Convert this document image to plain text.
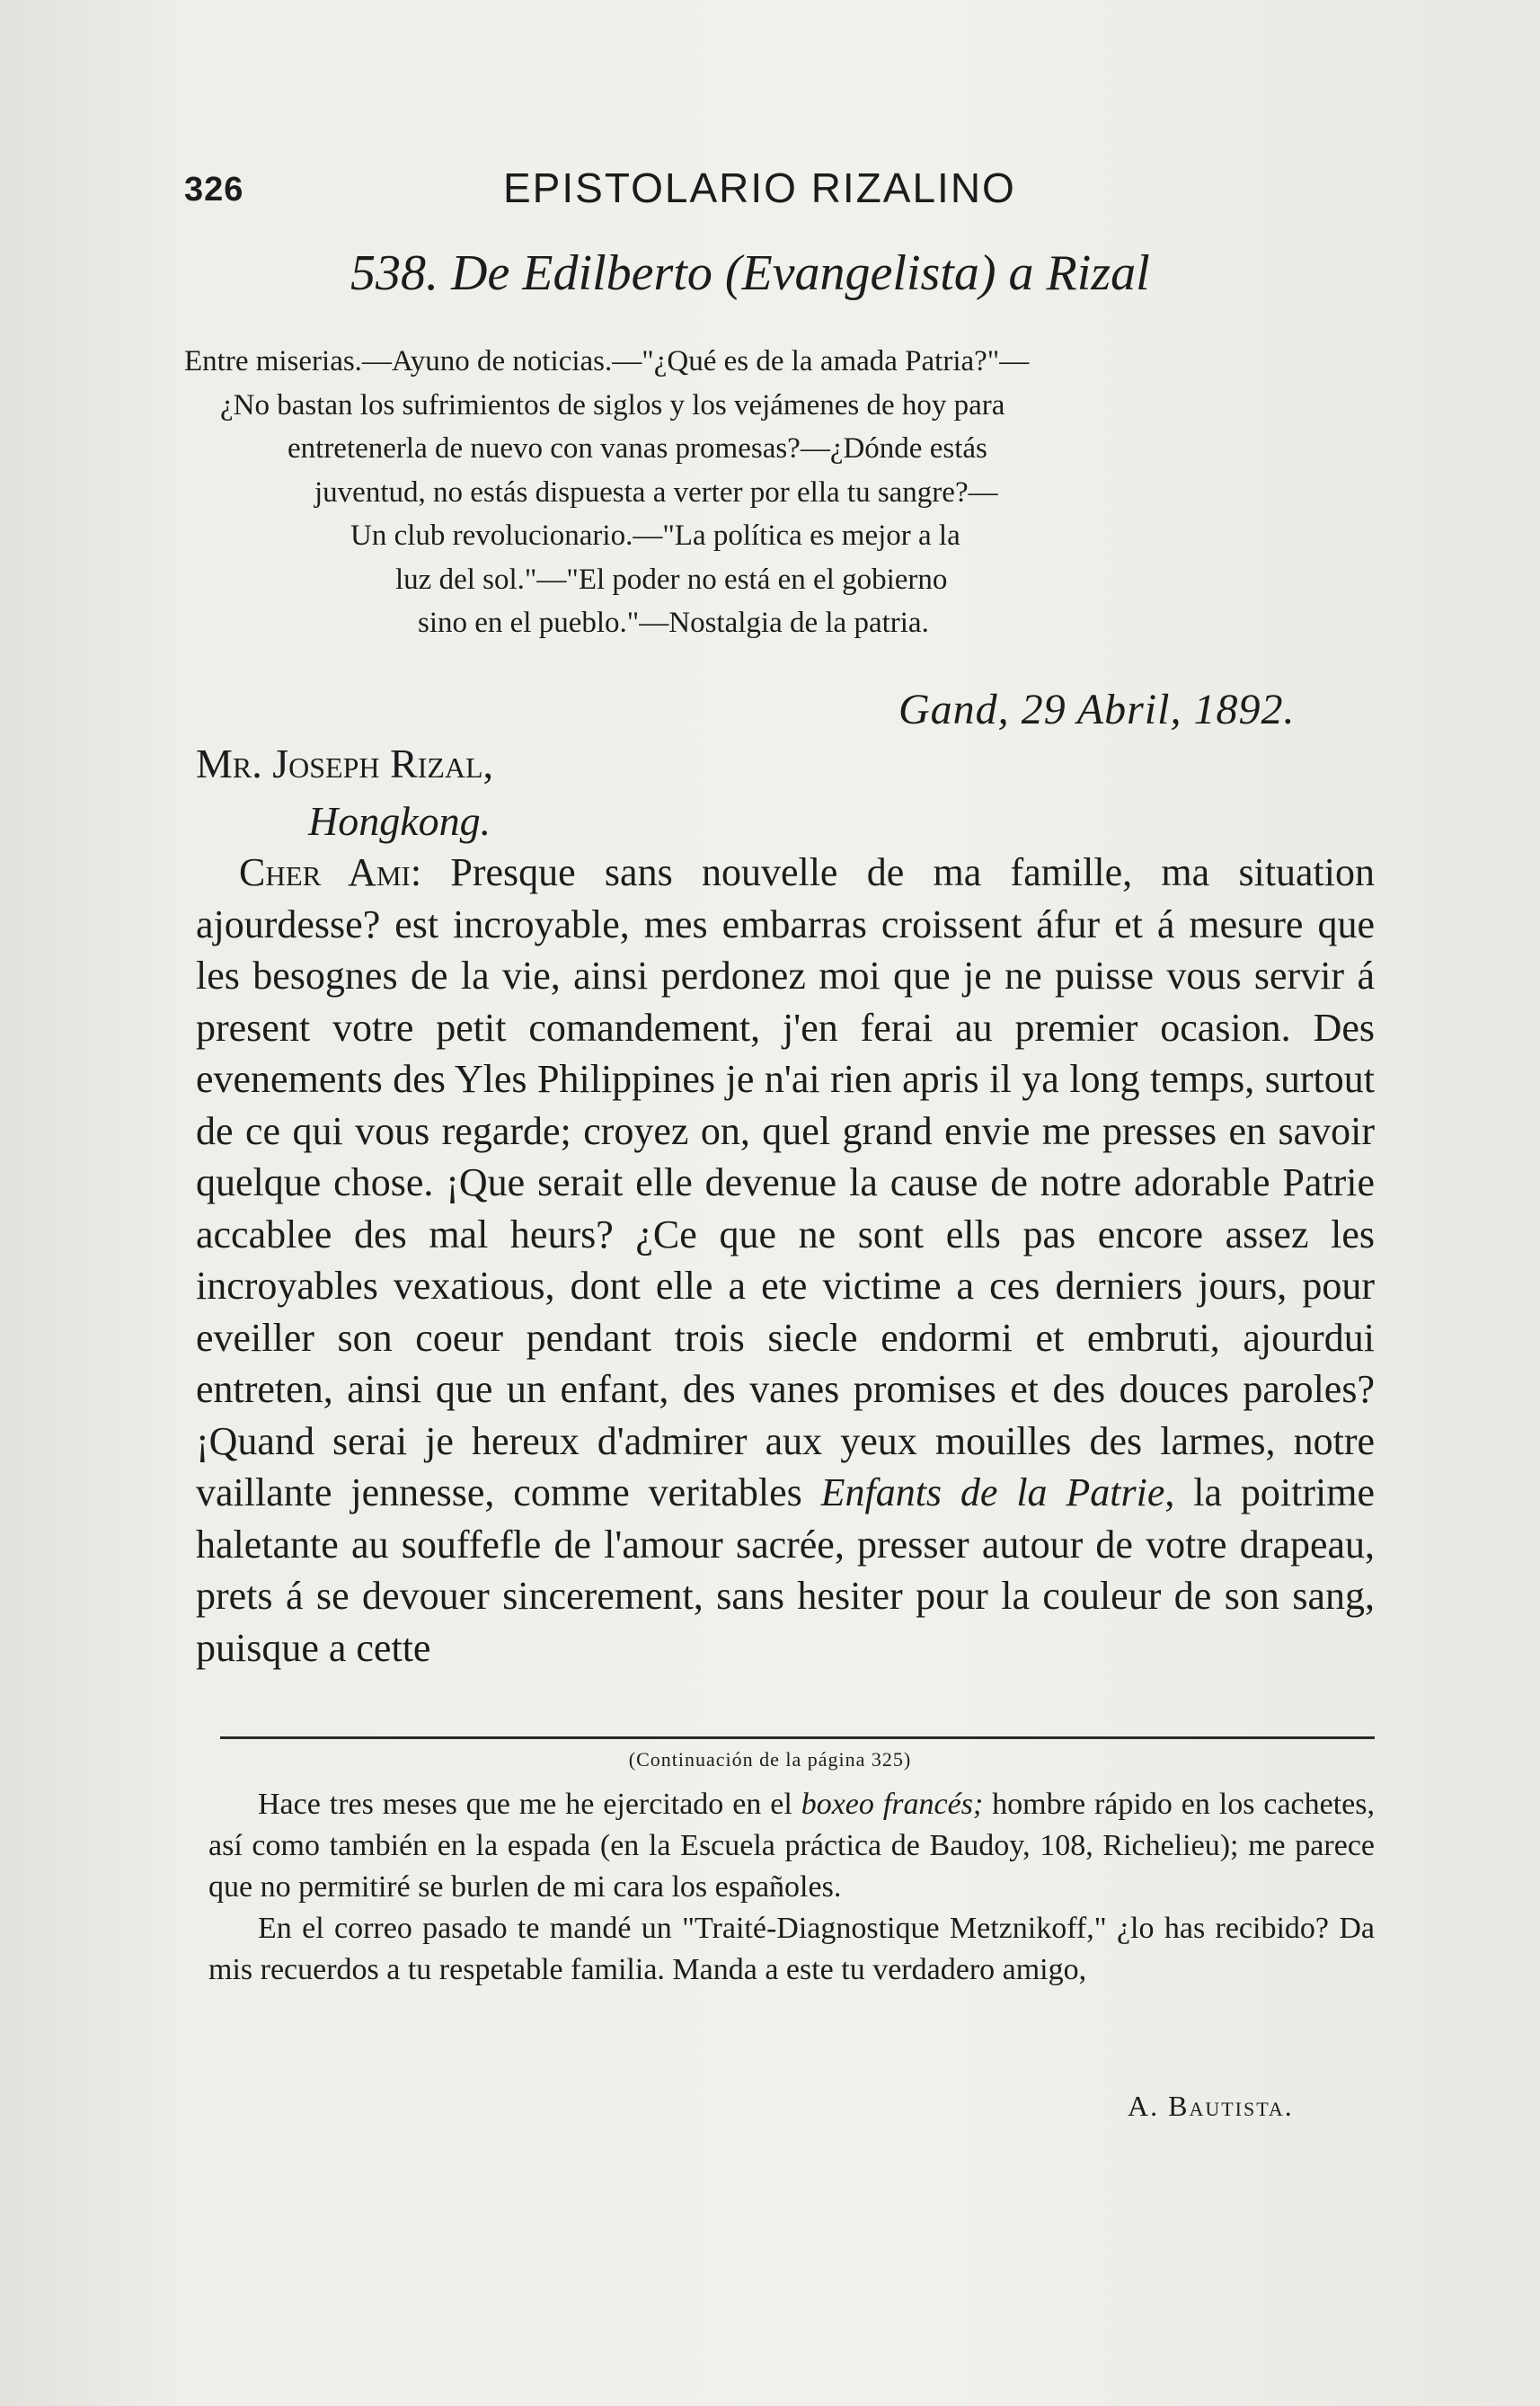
326	EPISTOLARIO RIZALINO
538. De Edilberto (Evangelista) a Rizal
Entre miserias.—Ayuno de noticias.—"¿Qué es de la amada Patria?"—
¿No bastan los sufrimientos de siglos y los vejámenes de hoy para
entretenerla de nuevo con vanas promesas?—¿Dónde estás
juventud, no estás dispuesta a verter por ella tu sangre?—
Un club revolucionario.—"La política es mejor a la
luz del sol."—"El poder no está en el gobierno
sino en el pueblo."—Nostalgia de la patria.
Gand, 29 Abril, 1892.
Mr. Joseph Rizal,
Hongkong.

Cher Ami: Presque sans nouvelle de ma famille, ma situation ajourdesse? est incroyable, mes embarras croissent áfur et á mesure que les besognes de la vie, ainsi perdonez moi que je ne puisse vous servir á present votre petit comandement, j'en ferai au premier ocasion. Des evenements des Yles Philippines je n'ai rien apris il ya long temps, surtout de ce qui vous regarde; croyez on, quel grand envie me presses en savoir quelque chose. ¡Que serait elle devenue la cause de notre adorable Patrie accablee des mal heurs? ¿Ce que ne sont ells pas encore assez les incroyables vexatious, dont elle a ete victime a ces derniers jours, pour eveiller son coeur pendant trois siecle endormi et embruti, ajourdui entreten, ainsi que un enfant, des vanes promises et des douces paroles? ¡Quand serai je hereux d'admirer aux yeux mouilles des larmes, notre vaillante jennesse, comme veritables Enfants de la Patrie, la poitrime haletante au souffefle de l'amour sacrée, presser autour de votre drapeau, prets á se devouer sincerement, sans hesiter pour la couleur de son sang, puisque a cette

(Continuación de la página 325)

Hace tres meses que me he ejercitado en el boxeo francés; hombre rápido en los cachetes, así como también en la espada (en la Escuela práctica de Baudoy, 108, Richelieu); me parece que no permitiré se burlen de mi cara los españoles.

En el correo pasado te mandé un "Traité-Diagnostique Metznikoff," ¿lo has recibido? Da mis recuerdos a tu respetable familia. Manda a este tu verdadero amigo,

A. Bautista.
